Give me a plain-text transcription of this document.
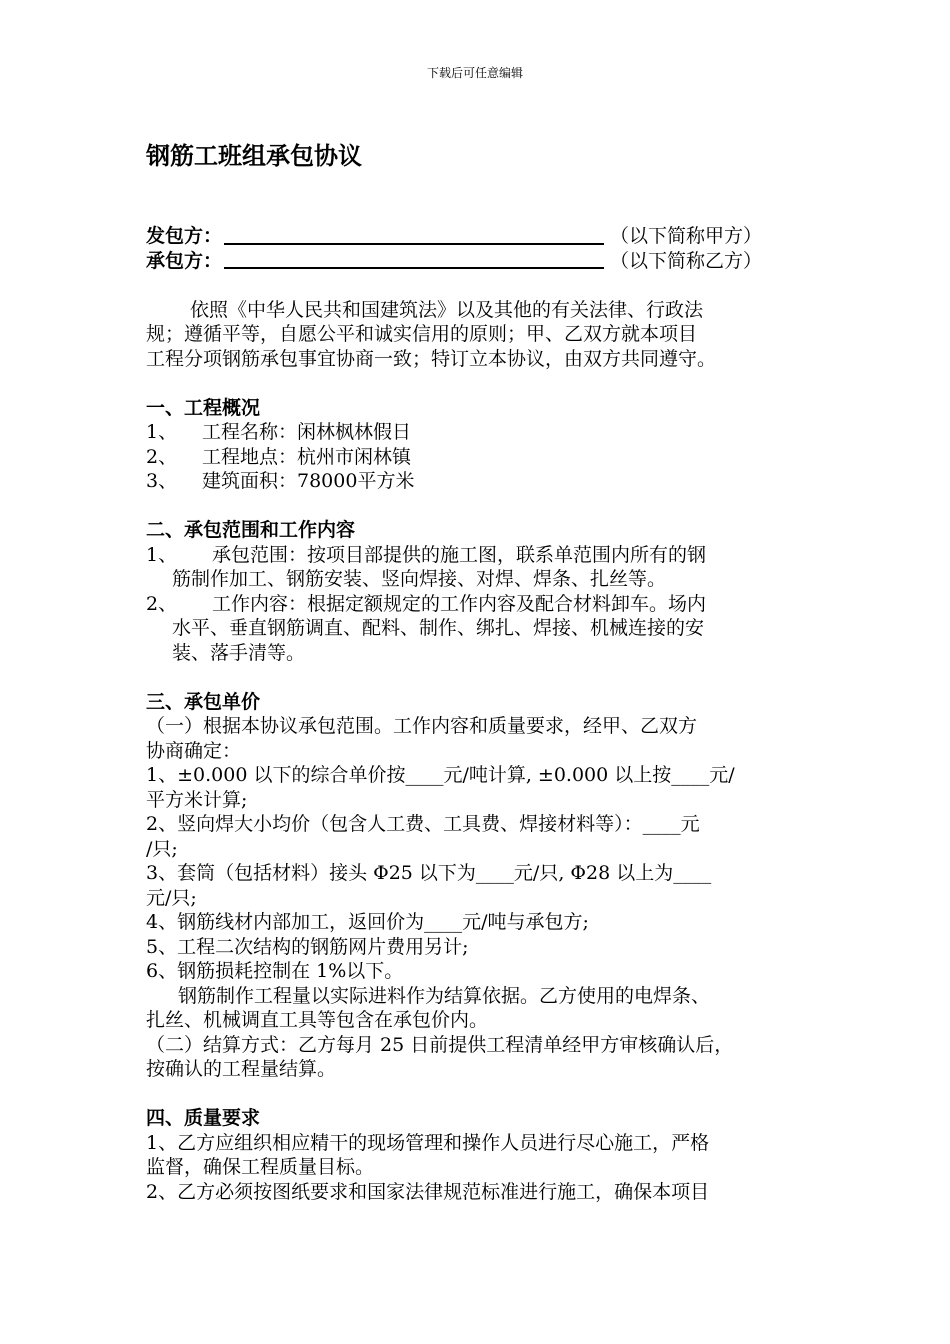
下载后可任意编辑
钢筋工班组承包协议
发包方：	（以下简称甲方）
承包方：	（以下简称乙方）
依照《中华人民共和国建筑法》以及其他的有关法律、行政法
规；遵循平等，自愿公平和诚实信用的原则；甲、乙双方就本项目
工程分项钢筋承包事宜协商一致；特订立本协议，由双方共同遵守。
一、工程概况
1、 工程名称：闲林枫林假日
2、 工程地点：杭州市闲林镇
3、 建筑面积：78000平方米
二、承包范围和工作内容
1、 承包范围：按项目部提供的施工图，联系单范围内所有的钢
筋制作加工、钢筋安装、竖向焊接、对焊、焊条、扎丝等。
2、 工作内容：根据定额规定的工作内容及配合材料卸车。场内
水平、垂直钢筋调直、配料、制作、绑扎、焊接、机械连接的安
装、落手清等。
三、承包单价
（一）根据本协议承包范围。工作内容和质量要求，经甲、乙双方
协商确定：
1、±0.000 以下的综合单价按____元/吨计算, ±0.000 以上按____元/
平方米计算;
2、竖向焊大小均价（包含人工费、工具费、焊接材料等）：____元
/只;
3、套筒（包括材料）接头 Φ25 以下为____元/只, Φ28 以上为____
元/只;
4、钢筋线材内部加工，返回价为____元/吨与承包方;
5、工程二次结构的钢筋网片费用另计;
6、钢筋损耗控制在 1%以下。
钢筋制作工程量以实际进料作为结算依据。乙方使用的电焊条、
扎丝、机械调直工具等包含在承包价内。
（二）结算方式：乙方每月 25 日前提供工程清单经甲方审核确认后，
按确认的工程量结算。
四、质量要求
1、乙方应组织相应精干的现场管理和操作人员进行尽心施工，严格
监督，确保工程质量目标。
2、乙方必须按图纸要求和国家法律规范标准进行施工，确保本项目
